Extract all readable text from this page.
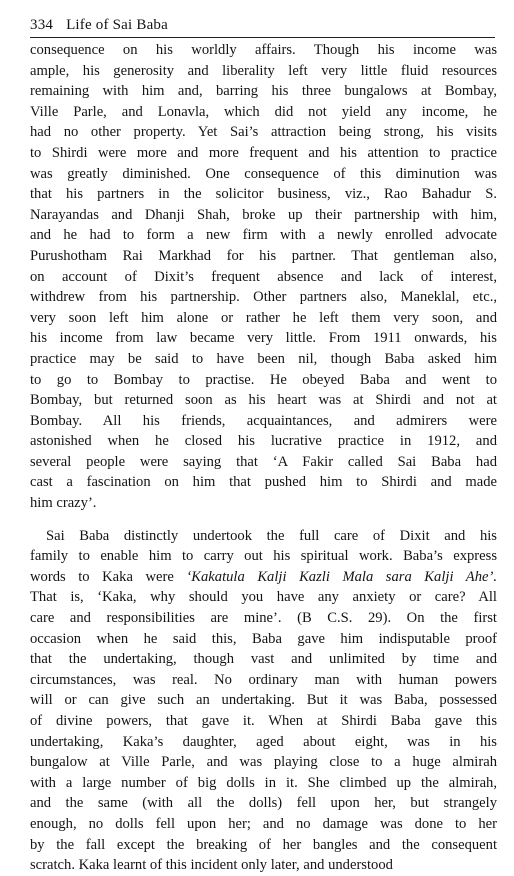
334 Life of Sai Baba

consequence on his worldly affairs. Though his income was
ample, his generosity and liberality left very little fluid resources
remaining with him and, barring his three bungalows at Bombay,
Ville Parle, and Lonavla, which did not yield any income, he
had no other property. Yet Sai’s attraction being strong, his visits
to Shirdi were more and more frequent and his attention to practice
was greatly diminished. One consequence of this diminution was
that his partners in the solicitor business, viz., Rao Bahadur S.
Narayandas and Dhanji Shah, broke up their partnership with him,
and he had to form a new firm with a newly enrolled advocate
Purushotham Rai Markhad for his partner. That gentleman also,
on account of Dixit’s frequent absence and lack of interest,
withdrew from his partnership. Other partners also, Maneklal, etc.,
very soon left him alone or rather he left them very soon, and
his income from law became very little. From 1911 onwards, his
practice may be said to have been nil, though Baba asked him
to go to Bombay to practise. He obeyed Baba and went to
Bombay, but returned soon as his heart was at Shirdi and not at
Bombay. All his friends, acquaintances, and admirers were
astonished when he closed his lucrative practice in 1912, and
several people were saying that ‘A Fakir called Sai Baba had
cast a fascination on him that pushed him to Shirdi and made
him crazy’.

Sai Baba distinctly undertook the full care of Dixit and his
family to enable him to carry out his spiritual work. Baba’s express
words to Kaka were ‘Kakatula Kalji Kazli Mala sara Kalji Ahe’.
That is, ‘Kaka, why should you have any anxiety or care? All
care and responsibilities are mine’. (B C.S. 29). On the first
occasion when he said this, Baba gave him indisputable proof
that the undertaking, though vast and unlimited by time and
circumstances, was real. No ordinary man with human powers
will or can give such an undertaking. But it was Baba, possessed
of divine powers, that gave it. When at Shirdi Baba gave this
undertaking, Kaka’s daughter, aged about eight, was in his
bungalow at Ville Parle, and was playing close to a huge almirah
with a large number of big dolls in it. She climbed up the almirah,
and the same (with all the dolls) fell upon her, but strangely
enough, no dolls fell upon her; and no damage was done to her
by the fall except the breaking of her bangles and the consequent
scratch. Kaka learnt of this incident only later, and understood
